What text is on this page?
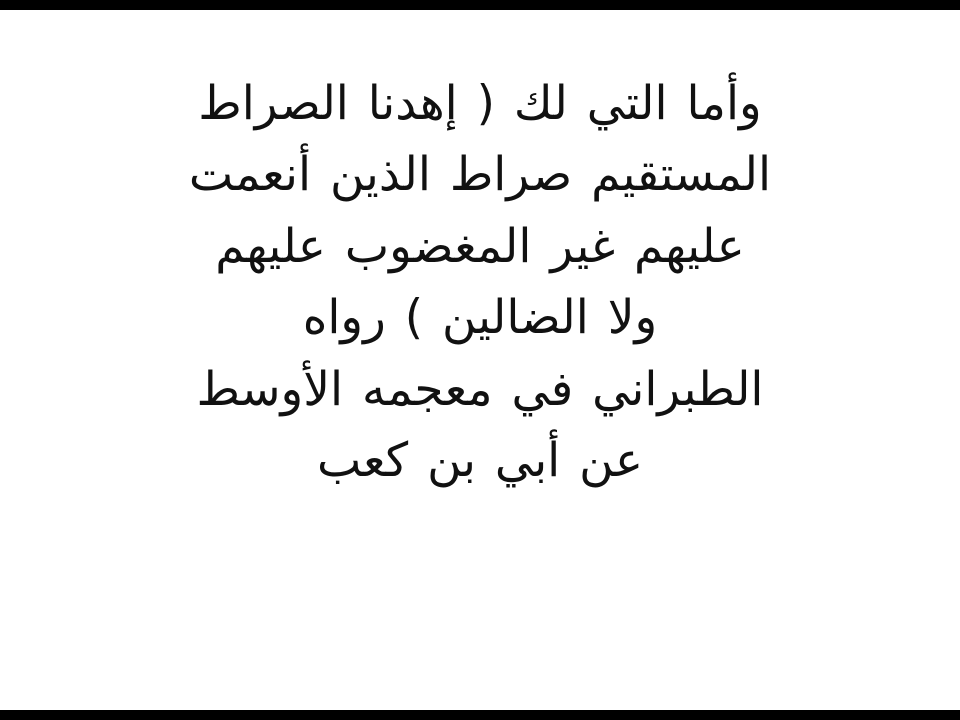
وأما التي لك ( إهدنا الصراط
المستقيم صراط الذين أنعمت
عليهم غير المغضوب عليهم
ولا الضالين ) رواه
الطبراني في معجمه الأوسط
عن أبي بن كعب
